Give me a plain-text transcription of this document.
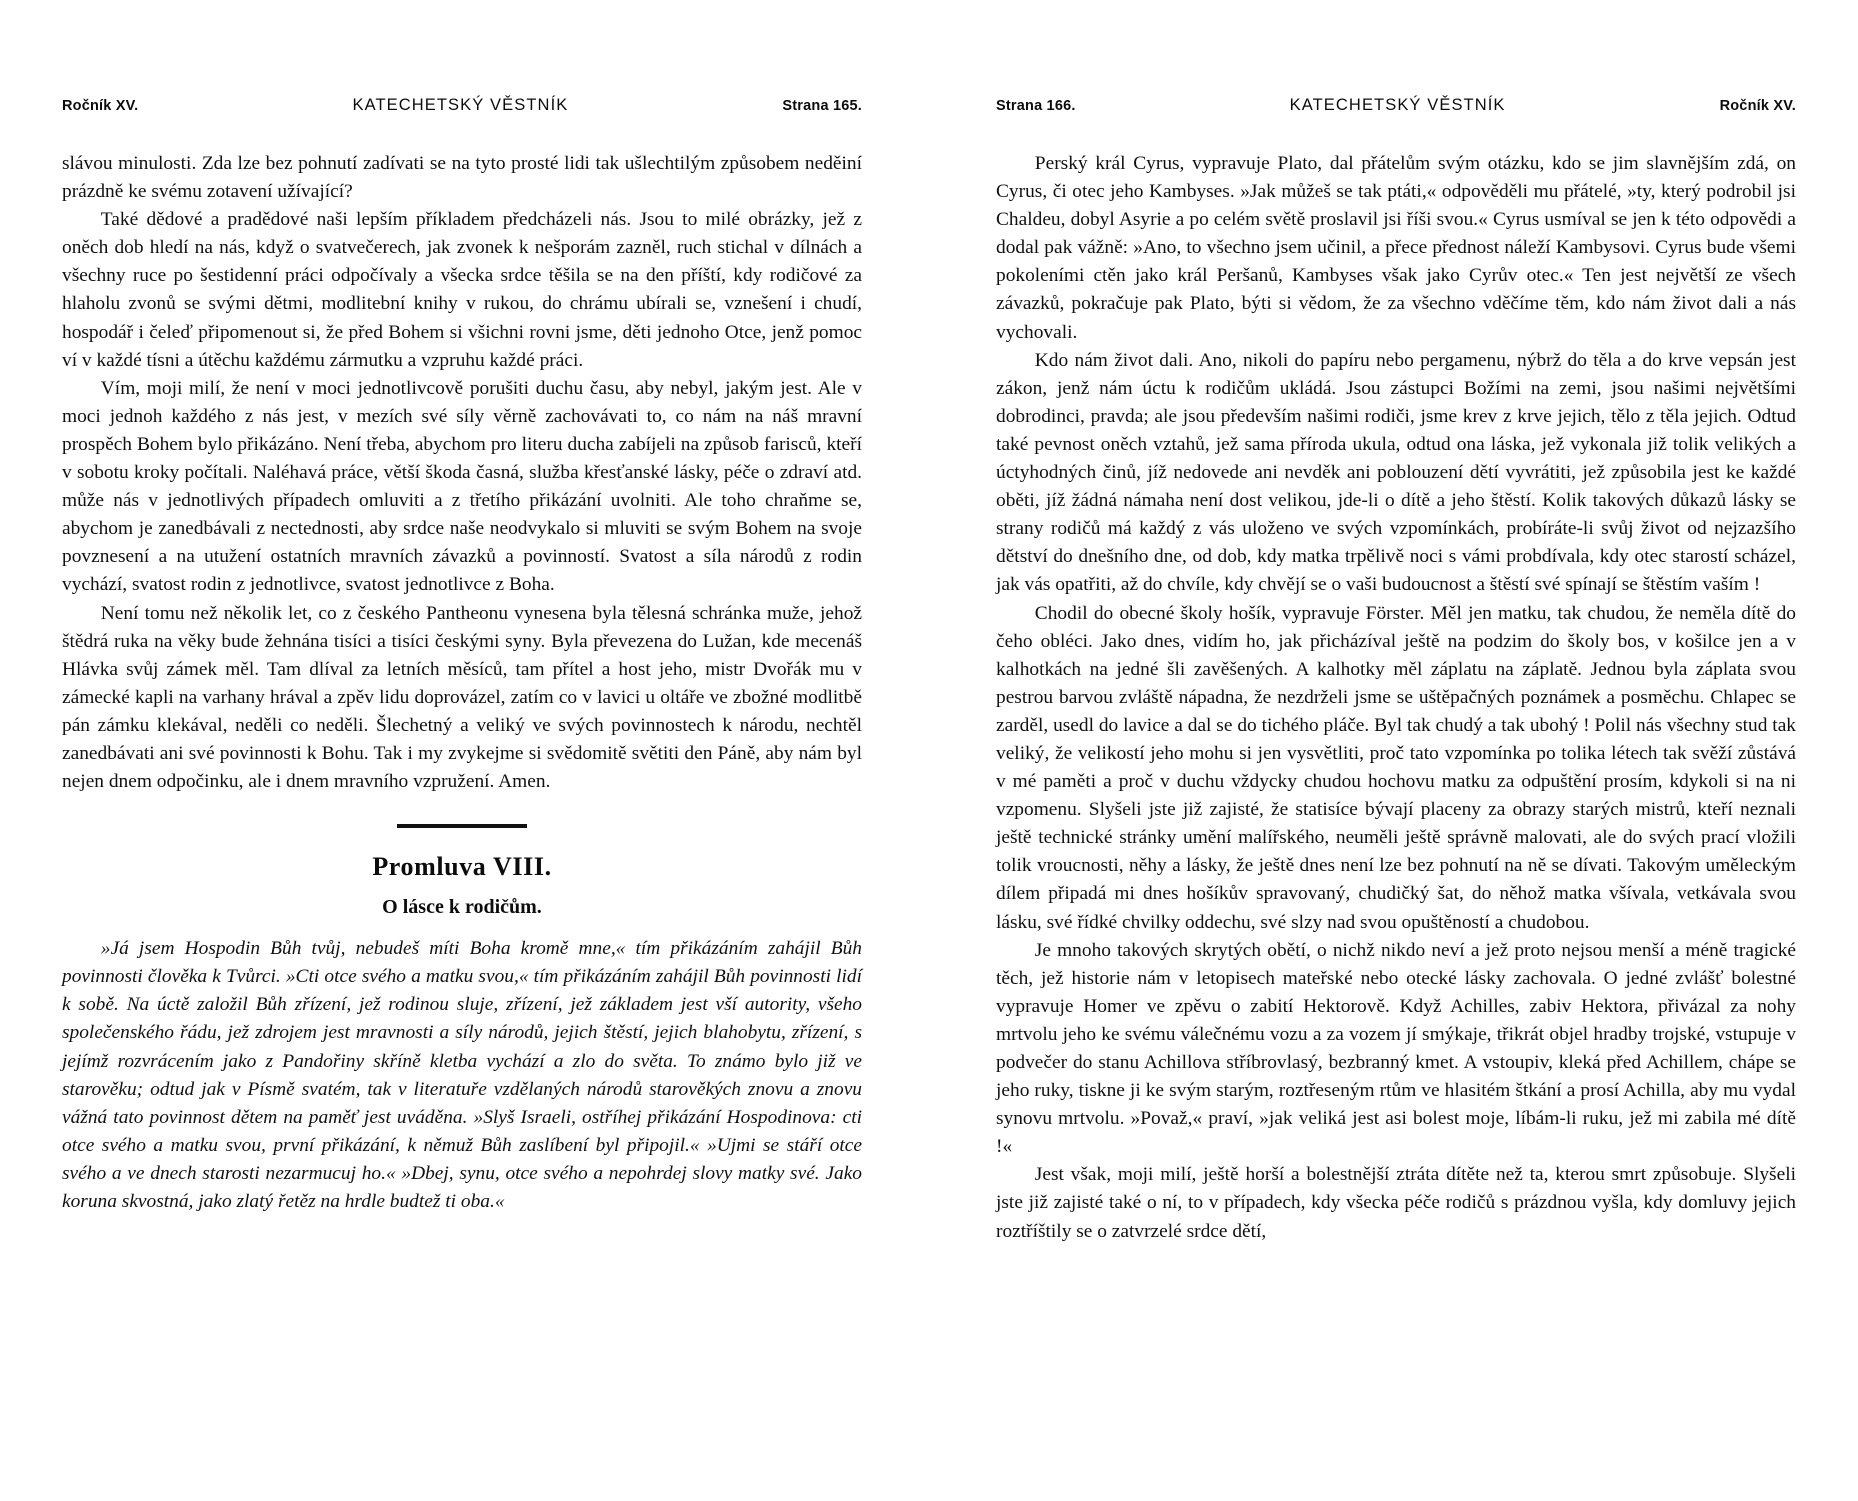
Ročník XV.	KATECHETSKÝ VĚSTNÍK	Strana 165.

slávou minulosti. Zda lze bez pohnutí zadívati se na tyto prosté lidi tak ušlechtilým způsobem neděiní prázdně ke svému zotavení užívající?

Také dědové a pradědové naši lepším příkladem předcházeli nás. Jsou to milé obrázky, jež z oněch dob hledí na nás, když o svatvečerech, jak zvonek k nešporám zazněl, ruch stichal v dílnách a všechny ruce po šestidenní práci odpočívaly a všecka srdce těšila se na den příští, kdy rodičové za hlaholu zvonů se svými dětmi, modlitební knihy v rukou, do chrámu ubírali se, vznešení i chudí, hospodář i čeleď připomenout si, že před Bohem si všichni rovni jsme, děti jednoho Otce, jenž pomoc ví v každé tísni a útěchu každému zármutku a vzpruhu každé práci.

Vím, moji milí, že není v moci jednotlivcově porušiti duchu času, aby nebyl, jakým jest. Ale v moci jednoh každého z nás jest, v mezích své síly věrně zachovávati to, co nám na náš mravní prospěch Bohem bylo přikázáno. Není třeba, abychom pro literu ducha zabíjeli na způsob farisců, kteří v sobotu kroky počítali. Naléhavá práce, větší škoda časná, služba křesťanské lásky, péče o zdraví atd. může nás v jednotlivých případech omluviti a z třetího přikázání uvolniti. Ale toho chraňme se, abychom je zanedbávali z nectednosti, aby srdce naše neodvykalo si mluviti se svým Bohem na svoje povznesení a na utužení ostatních mravních závazků a povinností. Svatost a síla národů z rodin vychází, svatost rodin z jednotlivce, svatost jednotlivce z Boha.

Není tomu než několik let, co z českého Pantheonu vynesena byla tělesná schránka muže, jehož štědrá ruka na věky bude žehnána tisíci a tisíci českými syny. Byla převezena do Lužan, kde mecenáš Hlávka svůj zámek měl. Tam dlíval za letních měsíců, tam přítel a host jeho, mistr Dvořák mu v zámecké kapli na varhany hrával a zpěv lidu doprovázel, zatím co v lavici u oltáře ve zbožné modlitbě pán zámku klekával, neděli co neděli. Šlechetný a veliký ve svých povinnostech k národu, nechtěl zanedbávati ani své povinnosti k Bohu. Tak i my zvykejme si svědomitě světiti den Páně, aby nám byl nejen dnem odpočinku, ale i dnem mravního vzpružení. Amen.

Promluva VIII.
O lásce k rodičům.

»Já jsem Hospodin Bůh tvůj, nebudeš míti Boha kromě mne,« tím přikázáním zahájil Bůh povinnosti člověka k Tvůrci. »Cti otce svého a matku svou,« tím přikázáním zahájil Bůh povinnosti lidí k sobě. Na úctě založil Bůh zřízení, jež rodinou sluje, zřízení, jež základem jest vší autority, všeho společenského řádu, jež zdrojem jest mravnosti a síly národů, jejich štěstí, jejich blahobytu, zřízení, s jejímž rozvrácením jako z Pandořiny skříně kletba vychází a zlo do světa. To známo bylo již ve starověku; odtud jak v Písmě svatém, tak v literatuře vzdělaných národů starověkých znovu a znovu vážná tato povinnost dětem na paměť jest uváděna. »Slyš Israeli, ostříhej přikázání Hospodinova: cti otce svého a matku svou, první přikázání, k němuž Bůh zaslíbení byl připojil.« »Ujmi se stáří otce svého a ve dnech starosti nezarmucuj ho.« »Dbej, synu, otce svého a nepohrdej slovy matky své. Jako koruna skvostná, jako zlatý řetěz na hrdle budtež ti oba.«

Strana 166.	KATECHETSKÝ VĚSTNÍK	Ročník XV.

Perský král Cyrus, vypravuje Plato, dal přátelům svým otázku, kdo se jim slavnějším zdá, on Cyrus, či otec jeho Kambyses. »Jak můžeš se tak ptáti,« odpověděli mu přátelé, »ty, který podrobil jsi Chaldeu, dobyl Asyrie a po celém světě proslavil jsi říši svou.« Cyrus usmíval se jen k této odpovědi a dodal pak vážně: »Ano, to všechno jsem učinil, a přece přednost náleží Kambysovi. Cyrus bude všemi pokoleními ctěn jako král Peršanů, Kambyses však jako Cyrův otec.« Ten jest největší ze všech závazků, pokračuje pak Plato, býti si vědom, že za všechno vděčíme těm, kdo nám život dali a nás vychovali.

Kdo nám život dali. Ano, nikoli do papíru nebo pergamenu, nýbrž do těla a do krve vepsán jest zákon, jenž nám úctu k rodičům ukládá. Jsou zástupci Božími na zemi, jsou našimi největšími dobrodinci, pravda; ale jsou především našimi rodiči, jsme krev z krve jejich, tělo z těla jejich. Odtud také pevnost oněch vztahů, jež sama příroda ukula, odtud ona láska, jež vykonala již tolik velikých a úctyhodných činů, jíž nedovede ani nevděk ani poblouzení dětí vyvrátiti, jež způsobila jest ke každé oběti, jíž žádná námaha není dost velikou, jde-li o dítě a jeho štěstí. Kolik takových důkazů lásky se strany rodičů má každý z vás uloženo ve svých vzpomínkách, probíráte-li svůj život od nejzazšího dětství do dnešního dne, od dob, kdy matka trpělivě noci s vámi probdívala, kdy otec starostí scházel, jak vás opatřiti, až do chvíle, kdy chvějí se o vaši budoucnost a štěstí své spínají se štěstím vaším !

Chodil do obecné školy hošík, vypravuje Förster. Měl jen matku, tak chudou, že neměla dítě do čeho obléci. Jako dnes, vidím ho, jak přicházíval ještě na podzim do školy bos, v košilce jen a v kalhotkách na jedné šli zavěšených. A kalhotky měl záplatu na záplatě. Jednou byla záplata svou pestrou barvou zvláště nápadna, že nezdrželi jsme se uštěpačných poznámek a posměchu. Chlapec se zarděl, usedl do lavice a dal se do tichého pláče. Byl tak chudý a tak ubohý ! Polil nás všechny stud tak veliký, že velikostí jeho mohu si jen vysvětliti, proč tato vzpomínka po tolika létech tak svěží zůstává v mé paměti a proč v duchu vždycky chudou hochovu matku za odpuštění prosím, kdykoli si na ni vzpomenu. Slyšeli jste již zajisté, že statisíce bývají placeny za obrazy starých mistrů, kteří neznali ještě technické stránky umění malířského, neuměli ještě správně malovati, ale do svých prací vložili tolik vroucnosti, něhy a lásky, že ještě dnes není lze bez pohnutí na ně se dívati. Takovým uměleckým dílem připadá mi dnes hošíkův spravovaný, chudičký šat, do něhož matka všívala, vetkávala svou lásku, své řídké chvilky oddechu, své slzy nad svou opuštěností a chudobou.

Je mnoho takových skrytých obětí, o nichž nikdo neví a jež proto nejsou menší a méně tragické těch, jež historie nám v letopisech mateřské nebo otecké lásky zachovala. O jedné zvlášť bolestné vypravuje Homer ve zpěvu o zabití Hektorově. Když Achilles, zabiv Hektora, přivázal za nohy mrtvolu jeho ke svému válečnému vozu a za vozem jí smýkaje, třikrát objel hradby trojské, vstupuje v podvečer do stanu Achillova stříbrovlasý, bezbranný kmet. A vstoupiv, kleká před Achillem, chápe se jeho ruky, tiskne ji ke svým starým, roztřeseným rtům ve hlasitém štkání a prosí Achilla, aby mu vydal synovu mrtvolu. »Považ,« praví, »jak veliká jest asi bolest moje, líbám-li ruku, jež mi zabila mé dítě !«

Jest však, moji milí, ještě horší a bolestnější ztráta dítěte než ta, kterou smrt způsobuje. Slyšeli jste již zajisté také o ní, to v případech, kdy všecka péče rodičů s prázdnou vyšla, kdy domluvy jejich roztříštily se o zatvrzelé srdce dětí,
